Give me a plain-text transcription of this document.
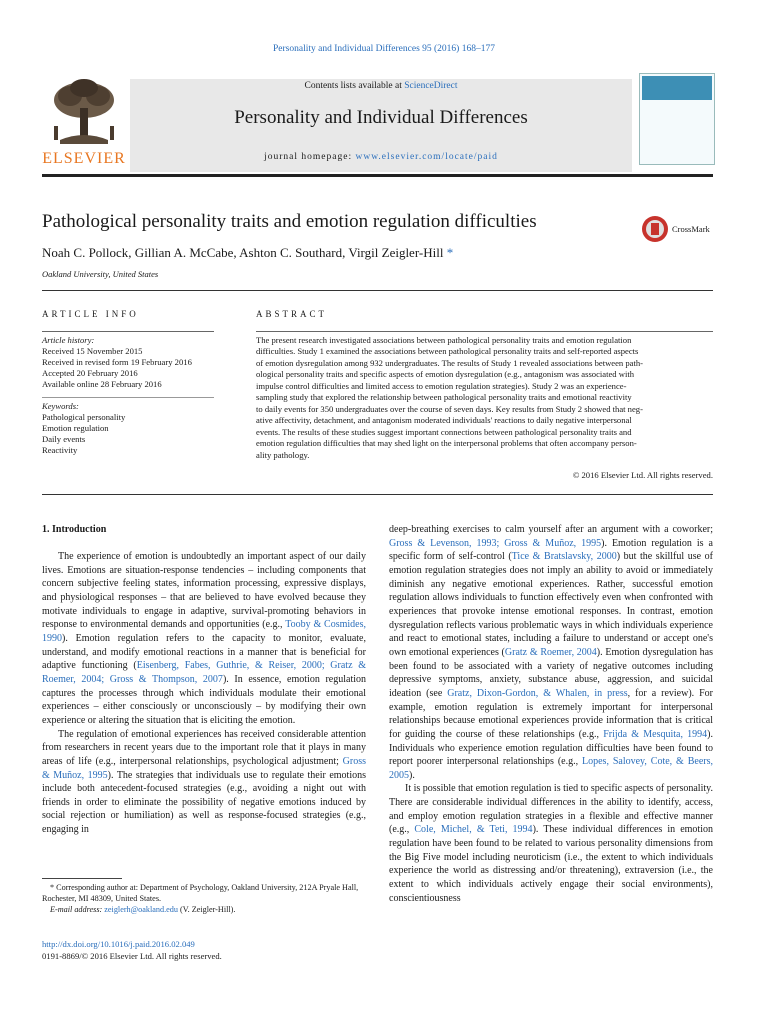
Personality and Individual Differences 95 (2016) 168–177
Contents lists available at ScienceDirect
Personality and Individual Differences
journal homepage: www.elsevier.com/locate/paid
ELSEVIER
Pathological personality traits and emotion regulation difficulties	CrossMark
Noah C. Pollock, Gillian A. McCabe, Ashton C. Southard, Virgil Zeigler-Hill *
Oakland University, United States
ARTICLE INFO	ABSTRACT
Article history:
Received 15 November 2015
Received in revised form 19 February 2016
Accepted 20 February 2016
Available online 28 February 2016
Keywords:
Pathological personality
Emotion regulation
Daily events
Reactivity
The present research investigated associations between pathological personality traits and emotion regulation
difficulties. Study 1 examined the associations between pathological personality traits and self-reported aspects
of emotion dysregulation among 932 undergraduates. The results of Study 1 revealed associations between path-
ological personality traits and specific aspects of emotion dysregulation (e.g., antagonism was associated with
impulse control difficulties and limited access to emotion regulation strategies). Study 2 was an experience-
sampling study that explored the relationship between pathological personality traits and emotional reactivity
to daily events for 350 undergraduates over the course of seven days. Key results from Study 2 showed that neg-
ative affectivity, detachment, and antagonism moderated individuals' reactions to daily negative interpersonal
events. The results of these studies suggest important connections between pathological personality traits and
emotion regulation difficulties that may shed light on the interpersonal problems that often accompany person-
ality pathology.
© 2016 Elsevier Ltd. All rights reserved.
1. Introduction

The experience of emotion is undoubtedly an important aspect of our daily lives. Emotions are situation-response tendencies – including components that concern subjective feeling states, information processing, expressive displays, and physiological responses – that are believed to have evolved because they motivate individuals to engage in adaptive, survival-promoting behaviors in response to environmental demands and opportunities (e.g., Tooby & Cosmides, 1990). Emotion regulation refers to the capacity to monitor, evaluate, understand, and modify emotional reactions in a manner that is beneficial for adaptive functioning (Eisenberg, Fabes, Guthrie, & Reiser, 2000; Gratz & Roemer, 2004; Gross & Thompson, 2007). In essence, emotion regulation captures the processes through which individuals modulate their emotional experiences – either consciously or unconsciously – by modifying their own experience or altering the situation that is eliciting the emotion.

The regulation of emotional experiences has received considerable attention from researchers in recent years due to the important role that it plays in many areas of life (e.g., interpersonal relationships, psychological adjustment; Gross & Muñoz, 1995). The strategies that individuals use to regulate their emotions include both antecedent-focused strategies (e.g., avoiding a night out with friends in order to eliminate the possibility of negative emotions induced by social rejection or humiliation) as well as response-focused strategies (e.g., engaging in

deep-breathing exercises to calm yourself after an argument with a coworker; Gross & Levenson, 1993; Gross & Muñoz, 1995). Emotion regulation is a specific form of self-control (Tice & Bratslavsky, 2000) but the skillful use of emotion regulation strategies does not imply an ability to avoid or immediately diminish any negative emotional experiences. Rather, successful emotion regulation allows individuals to function effectively even when confronted with experiences that provoke intense emotional responses. In contrast, emotion dysregulation reflects various problematic ways in which individuals experience and react to emotional states, including a failure to understand or accept one's own emotional experiences (Gratz & Roemer, 2004). Emotion dysregulation has been found to be associated with a variety of negative outcomes including depressive symptoms, anxiety, substance abuse, aggression, and suicidal ideation (see Gratz, Dixon-Gordon, & Whalen, in press, for a review). For example, emotion regulation is extremely important for interpersonal relationships because emotional experiences provide information that is critical for guiding the course of these relationships (e.g., Frijda & Mesquita, 1994). Individuals who experience emotion regulation difficulties have been found to report poorer interpersonal relationships (e.g., Lopes, Salovey, Cote, & Beers, 2005).

It is possible that emotion regulation is tied to specific aspects of personality. There are considerable individual differences in the ability to identify, access, and employ emotion regulation strategies in a flexible and effective manner (e.g., Cole, Michel, & Teti, 1994). These individual differences in emotion regulation have been found to be related to various personality dimensions from the Big Five model including neuroticism (i.e., the extent to which individuals experience the world as distressing and/or threatening), extraversion (i.e., the extent to which individuals actively engage their social environments), conscientiousness

* Corresponding author at: Department of Psychology, Oakland University, 212A Pryale Hall, Rochester, MI 48309, United States.
E-mail address: zeiglerh@oakland.edu (V. Zeigler-Hill).
http://dx.doi.org/10.1016/j.paid.2016.02.049
0191-8869/© 2016 Elsevier Ltd. All rights reserved.
